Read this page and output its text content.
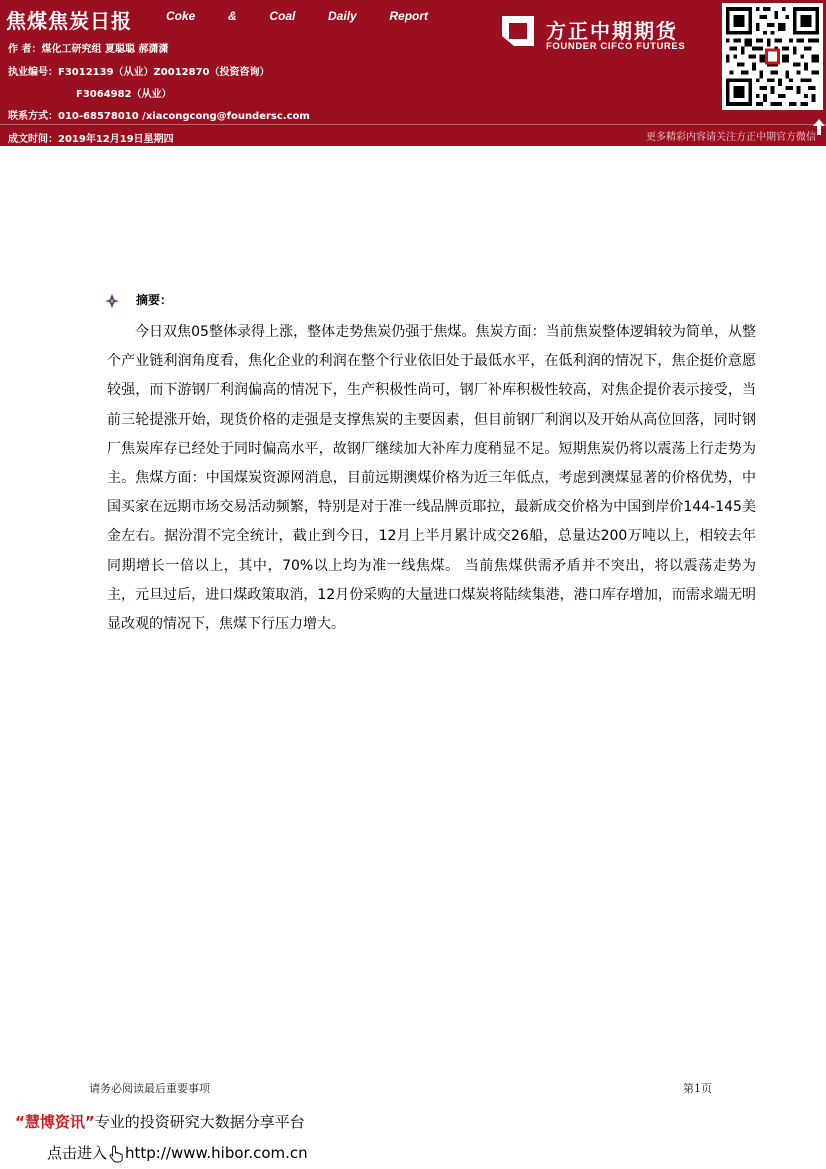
焦煤焦炭日报	Coke  &  Coal  Daily  Report
作 者：煤化工研究组 夏聪聪 郝潇潇
执业编号：F3012139（从业）Z0012870（投资咨询）
F3064982（从业）
联系方式：010-68578010 /xiacongcong@foundersc.com
成文时间：2019年12月19日星期四
方正中期期货
FOUNDER CIFCO FUTURES
更多精彩内容请关注方正中期官方微信
摘要：
今日双焦05整体录得上涨，整体走势焦炭仍强于焦煤。焦炭方面：当前焦炭整体逻辑较为简单，从整个产业链利润角度看，焦化企业的利润在整个行业依旧处于最低水平，在低利润的情况下，焦企挺价意愿较强，而下游钢厂利润偏高的情况下，生产积极性尚可，钢厂补库积极性较高，对焦企提价表示接受，当前三轮提涨开始，现货价格的走强是支撑焦炭的主要因素，但目前钢厂利润以及开始从高位回落，同时钢厂焦炭库存已经处于同时偏高水平，故钢厂继续加大补库力度稍显不足。短期焦炭仍将以震荡上行走势为主。焦煤方面：中国煤炭资源网消息，目前远期澳煤价格为近三年低点，考虑到澳煤显著的价格优势，中国买家在远期市场交易活动频繁，特别是对于准一线品牌贡耶拉，最新成交价格为中国到岸价144-145美金左右。据汾渭不完全统计，截止到今日，12月上半月累计成交26船，总量达200万吨以上，相较去年同期增长一倍以上，其中，70%以上均为准一线焦煤。 当前焦煤供需矛盾并不突出，将以震荡走势为主，元旦过后，进口煤政策取消，12月份采购的大量进口煤炭将陆续集港，港口库存增加，而需求端无明显改观的情况下，焦煤下行压力增大。
请务必阅读最后重要事项	第1页
“慧博资讯”专业的投资研究大数据分享平台
点击进入 http://www.hibor.com.cn
